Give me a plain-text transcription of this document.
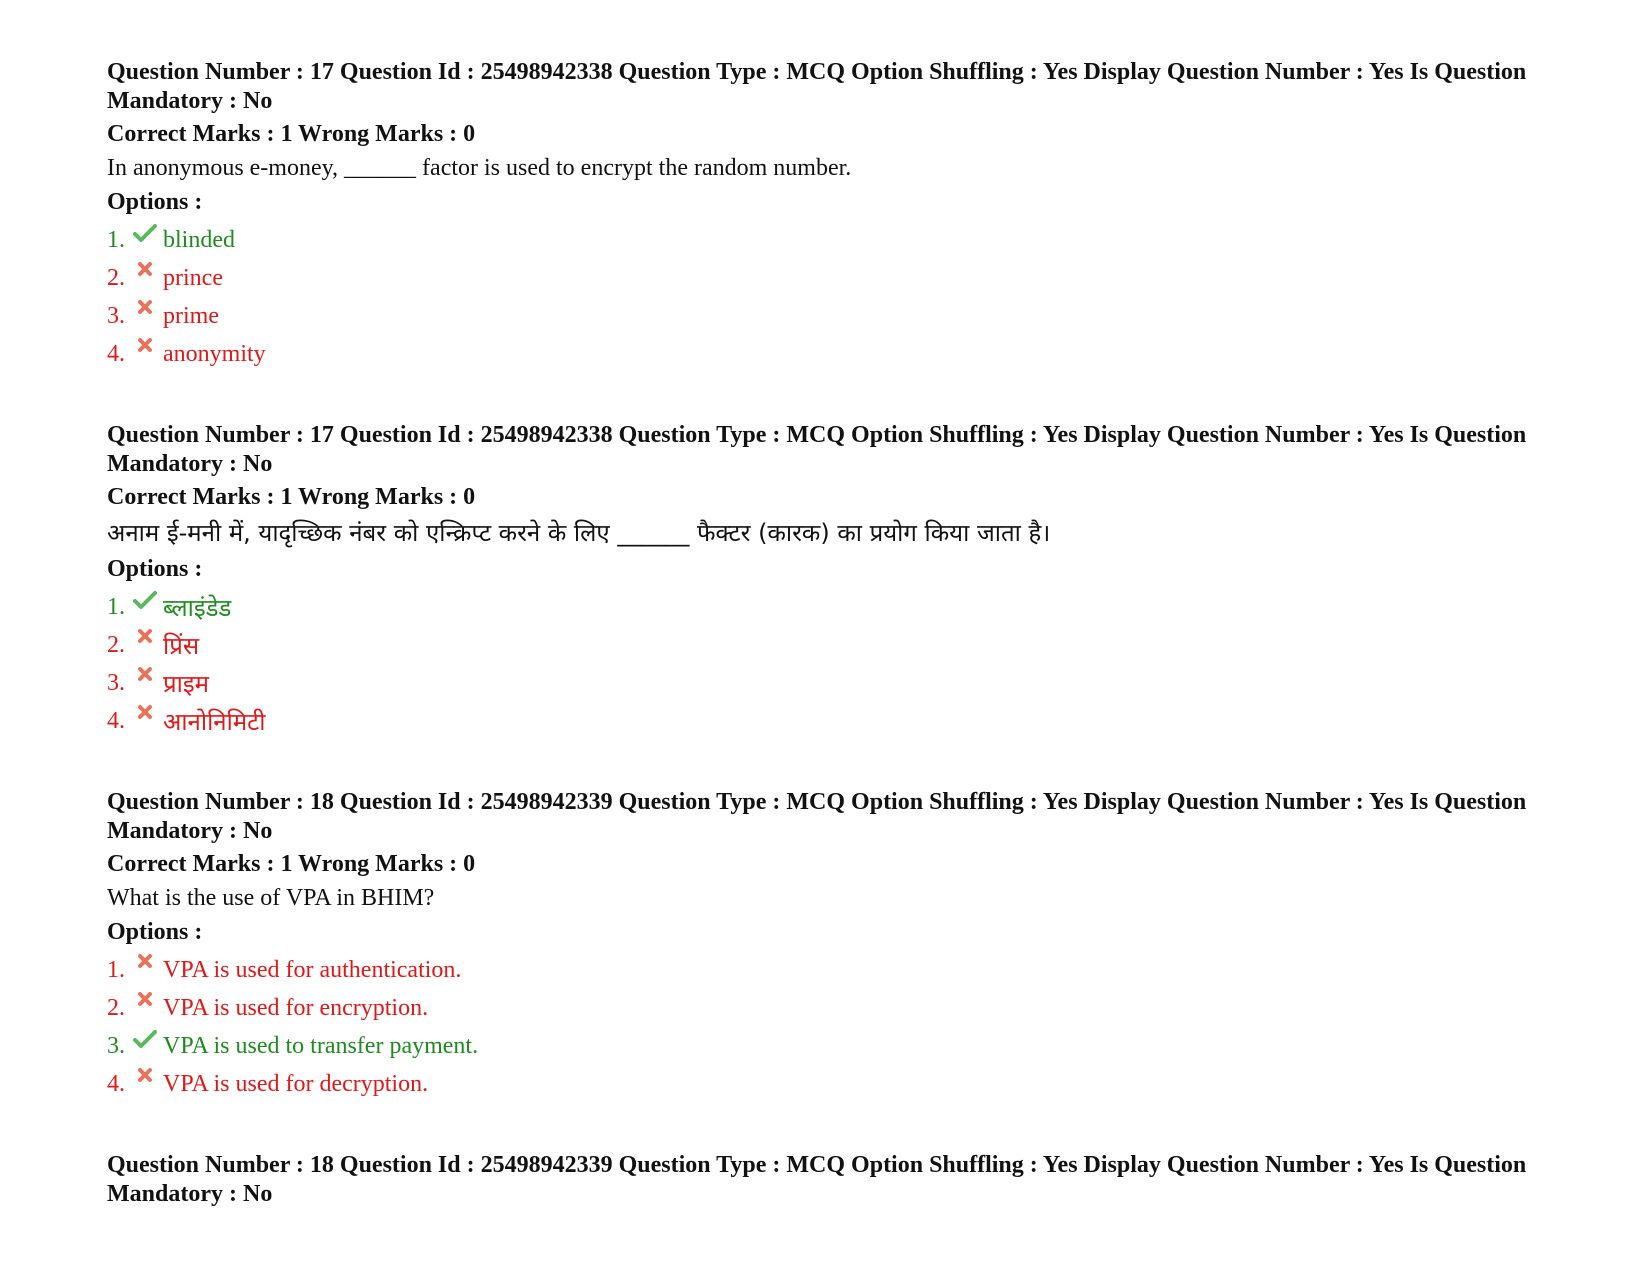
Question Number : 17 Question Id : 25498942338 Question Type : MCQ Option Shuffling : Yes Display Question Number : Yes Is Question Mandatory : No
Correct Marks : 1 Wrong Marks : 0
In anonymous e-money, ______ factor is used to encrypt the random number.
Options :
1. blinded
2. prince
3. prime
4. anonymity
Question Number : 17 Question Id : 25498942338 Question Type : MCQ Option Shuffling : Yes Display Question Number : Yes Is Question Mandatory : No
Correct Marks : 1 Wrong Marks : 0
अनाम ई-मनी में, यादृच्छिक नंबर को एन्क्रिप्ट करने के लिए ______ फैक्टर (कारक) का प्रयोग किया जाता है।
Options :
1. ब्लाइंडेड
2. प्रिंस
3. प्राइम
4. आनोनिमिटी
Question Number : 18 Question Id : 25498942339 Question Type : MCQ Option Shuffling : Yes Display Question Number : Yes Is Question Mandatory : No
Correct Marks : 1 Wrong Marks : 0
What is the use of VPA in BHIM?
Options :
1. VPA is used for authentication.
2. VPA is used for encryption.
3. VPA is used to transfer payment.
4. VPA is used for decryption.
Question Number : 18 Question Id : 25498942339 Question Type : MCQ Option Shuffling : Yes Display Question Number : Yes Is Question Mandatory : No
